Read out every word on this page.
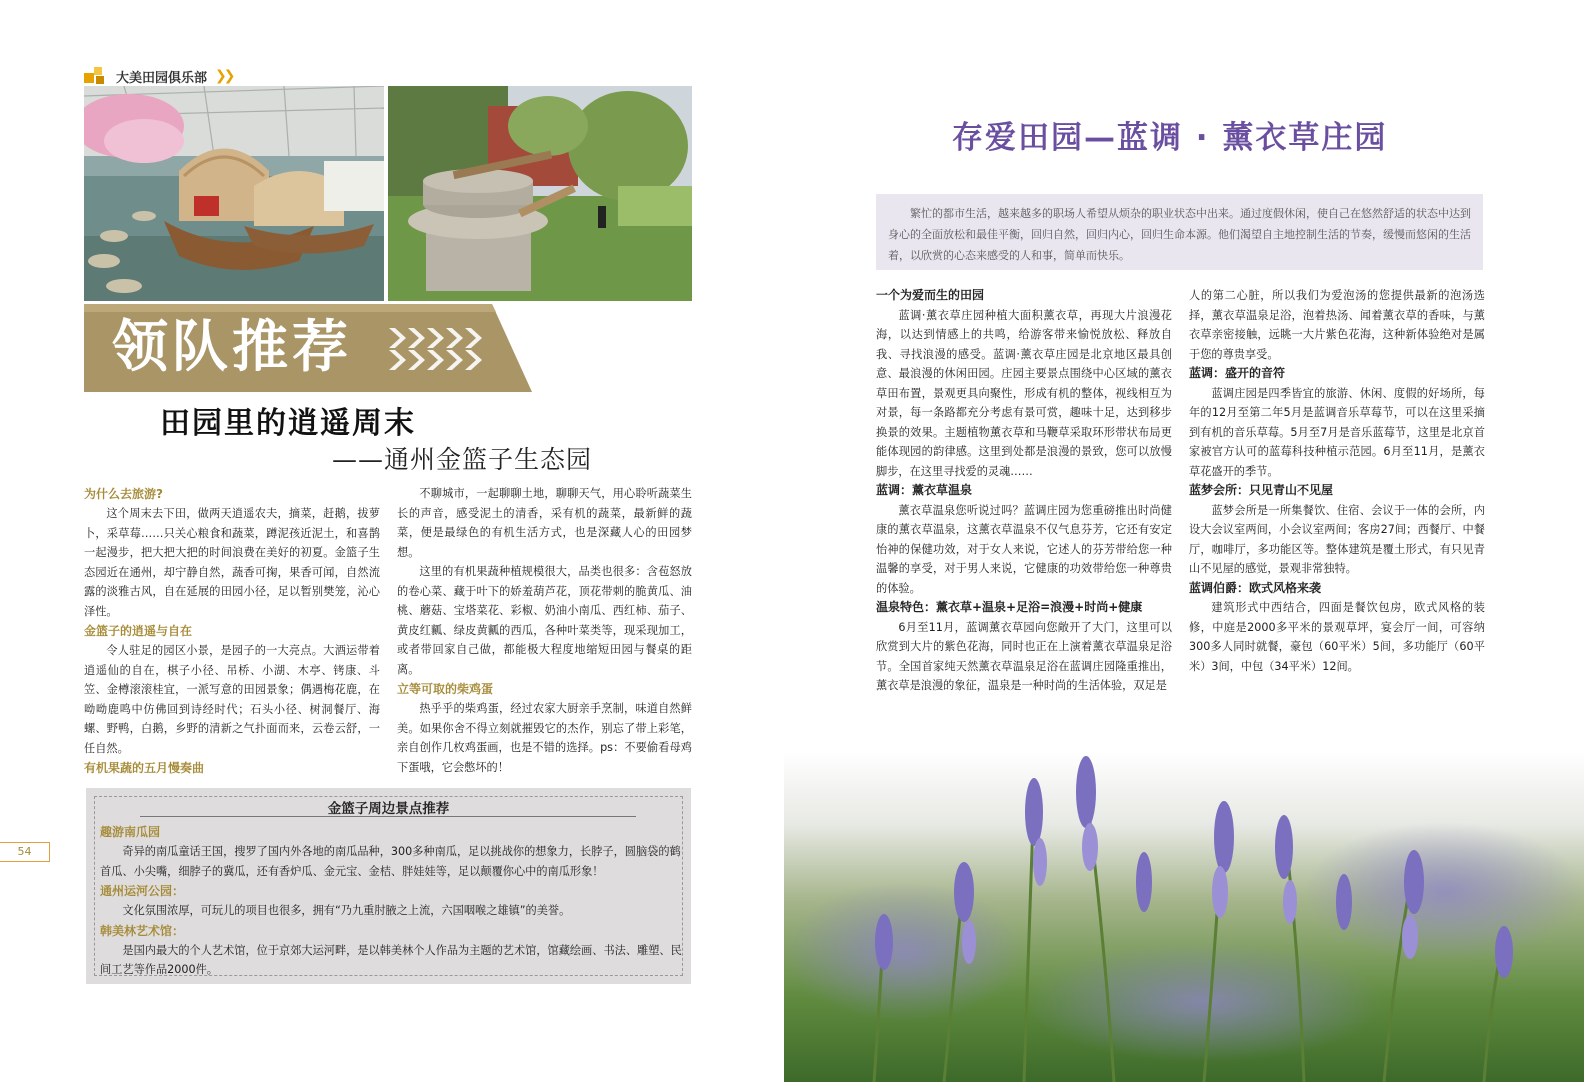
大美田园俱乐部 ❯❯
领队推荐
田园里的逍遥周末
——通州金篮子生态园
为什么去旅游?

这个周末去下田，做两天逍遥农夫，摘菜，赶鹅，拔萝卜，采草莓……只关心粮食和蔬菜，蹲泥孩近泥土，和喜鹊一起漫步，把大把大把的时间浪费在美好的初夏。金篮子生态园近在通州，却宁静自然，蔬香可掬，果香可闻，自然流露的淡雅古风，自在延展的田园小径，足以暂别樊笼，沁心泽性。

金篮子的逍遥与自在

令人驻足的园区小景，是园子的一大亮点。大酒运带着逍遥仙的自在，棋子小径、吊桥、小湖、木亭、铐康、斗笠、金樽滚滚桂宜，一派写意的田园景象；偶遇梅花鹿，在呦呦鹿鸣中仿佛回到诗经时代；石头小径、树洞餐厅、海螺、野鸭，白鹅，乡野的清新之气扑面而来，云卷云舒，一任自然。

有机果蔬的五月慢奏曲

不聊城市，一起聊聊土地，聊聊天气，用心聆听蔬菜生长的声音，感受泥土的清香，采有机的蔬菜，最新鲜的蔬菜，便是最绿色的有机生活方式，也是深藏人心的田园梦想。

这里的有机果蔬种植规模很大，品类也很多：含苞怒放的卷心菜、藏于叶下的娇羞葫芦花，顶花带刺的脆黄瓜、油桃、蘑菇、宝塔菜花、彩椒、奶油小南瓜、西红柿、茄子、黄皮红瓤、绿皮黄瓤的西瓜，各种叶菜类等，现采现加工，或者带回家自己做，都能极大程度地缩短田园与餐桌的距离。

立等可取的柴鸡蛋

热乎乎的柴鸡蛋，经过农家大厨亲手烹制，味道自然鲜美。如果你舍不得立刻就摧毁它的杰作，别忘了带上彩笔，亲自创作几枚鸡蛋画，也是不错的选择。ps：不要偷看母鸡下蛋哦，它会憋坏的！

金篮子周边景点推荐

趣游南瓜园

奇异的南瓜童话王国，搜罗了国内外各地的南瓜品种，300多种南瓜，足以挑战你的想象力，长脖子，圆脑袋的鹤首瓜、小尖嘴，细脖子的冀瓜，还有香炉瓜、金元宝、金桔、胖娃娃等，足以颠覆你心中的南瓜形象！

通州运河公园：

文化氛围浓厚，可玩儿的项目也很多，拥有“乃九重肘腋之上流，六国咽喉之雄镇”的美誉。

韩美林艺术馆：

是国内最大的个人艺术馆，位于京郊大运河畔，是以韩美林个人作品为主题的艺术馆，馆藏绘画、书法、雕塑、民间工艺等作品2000件。

54
存爱田园—蓝调 · 薰衣草庄园

繁忙的都市生活，越来越多的职场人希望从烦杂的职业状态中出来。通过度假休闲，使自己在悠然舒适的状态中达到身心的全面放松和最佳平衡，回归自然，回归内心，回归生命本源。他们渴望自主地控制生活的节奏，缓慢而悠闲的生活着，以欣赏的心态来感受的人和事，简单而快乐。

一个为爱而生的田园

蓝调·薰衣草庄园种植大面积薰衣草，再现大片浪漫花海，以达到情感上的共鸣，给游客带来愉悦放松、释放自我、寻找浪漫的感受。蓝调·薰衣草庄园是北京地区最具创意、最浪漫的休闲田园。庄园主要景点围绕中心区域的薰衣草田布置，景观更具向聚性，形成有机的整体，视线相互为对景，每一条路都充分考虑有景可赏，趣味十足，达到移步换景的效果。主题植物薰衣草和马鞭草采取环形带状布局更能体现园的韵律感。这里到处都是浪漫的景致，您可以放慢脚步，在这里寻找爱的灵魂……

蓝调：薰衣草温泉

薰衣草温泉您听说过吗？蓝调庄园为您重磅推出时尚健康的薰衣草温泉，这薰衣草温泉不仅气息芬芳，它还有安定怡神的保健功效，对于女人来说，它述人的芬芳带给您一种温馨的享受，对于男人来说，它健康的功效带给您一种尊贵的体验。

温泉特色：薰衣草+温泉+足浴=浪漫+时尚+健康

6月至11月，蓝调薰衣草园向您敞开了大门，这里可以欣赏到大片的紫色花海，同时也正在上演着薰衣草温泉足浴节。全国首家纯天然薰衣草温泉足浴在蓝调庄园隆重推出，薰衣草是浪漫的象征，温泉是一种时尚的生活体验，双足是

人的第二心脏，所以我们为爱泡汤的您提供最新的泡汤选择，薰衣草温泉足浴，泡着热汤、闻着薰衣草的香味，与薰衣草亲密接触，远眺一大片紫色花海，这种新体验绝对是属于您的尊贵享受。

蓝调：盛开的音符

蓝调庄园是四季皆宜的旅游、休闲、度假的好场所，每年的12月至第二年5月是蓝调音乐草莓节，可以在这里采摘到有机的音乐草莓。5月至7月是音乐蓝莓节，这里是北京首家被官方认可的蓝莓科技种植示范园。6月至11月，是薰衣草花盛开的季节。

蓝梦会所：只见青山不见屋

蓝梦会所是一所集餐饮、住宿、会议于一体的会所，内设大会议室两间，小会议室两间；客房27间；西餐厅、中餐厅，咖啡厅，多功能区等。整体建筑是覆土形式，有只见青山不见屋的感觉，景观非常独特。

蓝调伯爵：欧式风格来袭

建筑形式中西结合，四面是餐饮包房，欧式风格的装修，中庭是2000多平米的景观草坪，宴会厅一间，可容纳300多人同时就餐，豪包（60平米）5间，多功能厅（60平米）3间，中包（34平米）12间。
